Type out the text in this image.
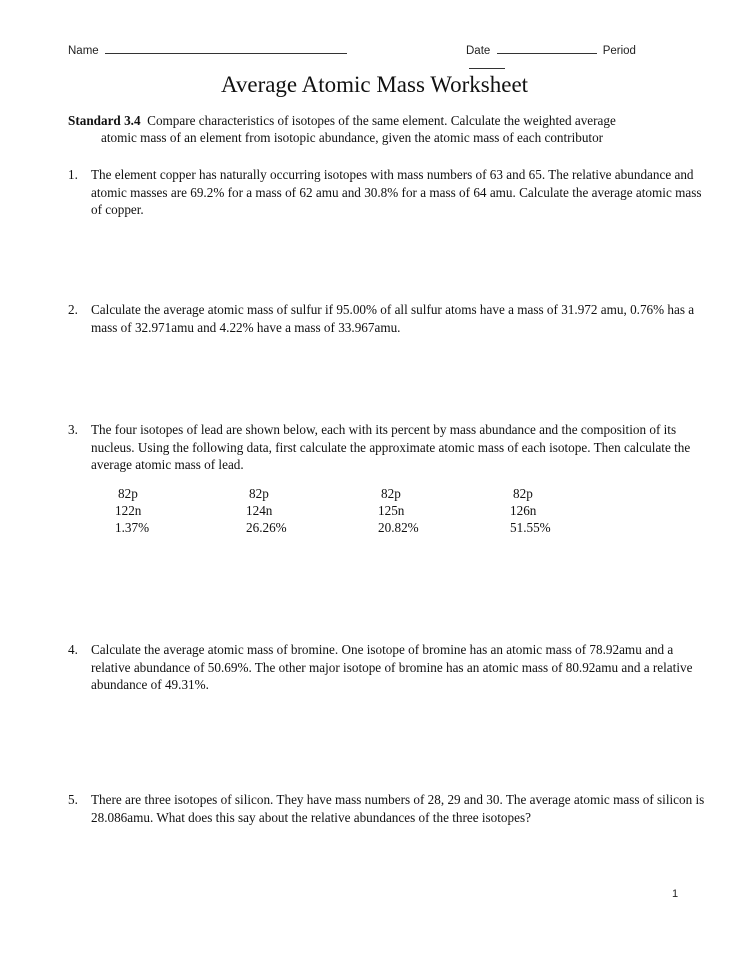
Name	Date	Period
Average Atomic Mass Worksheet
Standard 3.4 Compare characteristics of isotopes of the same element. Calculate the weighted average
atomic mass of an element from isotopic abundance, given the atomic mass of each contributor
1. The element copper has naturally occurring isotopes with mass numbers of 63 and 65. The relative abundance and atomic masses are 69.2% for a mass of 62 amu and 30.8% for a mass of 64 amu. Calculate the average atomic mass of copper.
2. Calculate the average atomic mass of sulfur if 95.00% of all sulfur atoms have a mass of 31.972 amu, 0.76% has a mass of 32.971amu and 4.22% have a mass of 33.967amu.
3. The four isotopes of lead are shown below, each with its percent by mass abundance and the composition of its nucleus. Using the following data, first calculate the approximate atomic mass of each isotope. Then calculate the average atomic mass of lead.
82p
122n
1.37%
82p
124n
26.26%
82p
125n
20.82%
82p
126n
51.55%
4. Calculate the average atomic mass of bromine. One isotope of bromine has an atomic mass of 78.92amu and a relative abundance of 50.69%. The other major isotope of bromine has an atomic mass of 80.92amu and a relative abundance of 49.31%.
5. There are three isotopes of silicon. They have mass numbers of 28, 29 and 30. The average atomic mass of silicon is 28.086amu. What does this say about the relative abundances of the three isotopes?
1
